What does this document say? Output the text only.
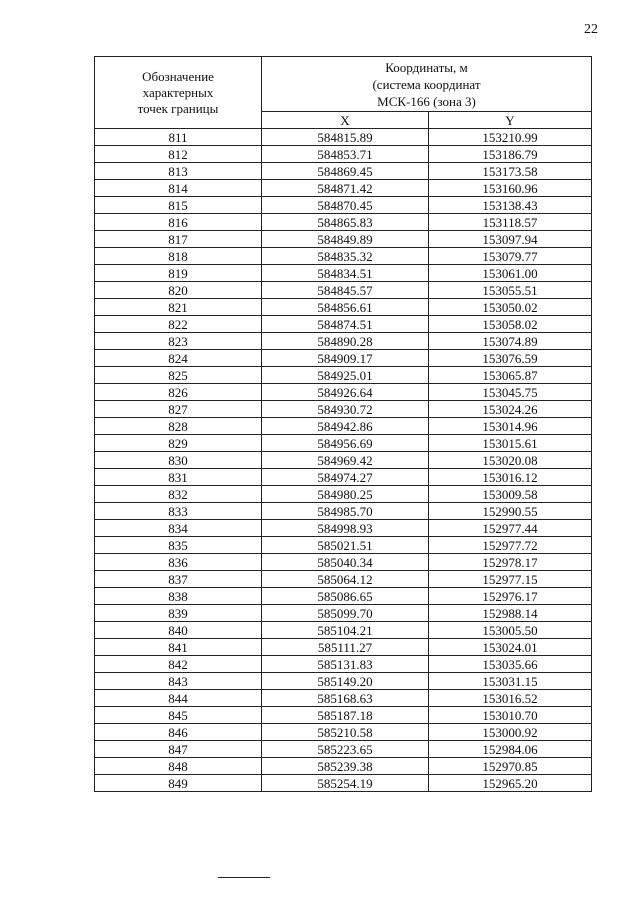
22
Обозначение
характерных
точек границы	Координаты, м
(система координат
МСК-166 (зона 3)	

	X	Y
811	584815.89	153210.99
812	584853.71	153186.79
813	584869.45	153173.58
814	584871.42	153160.96
815	584870.45	153138.43
816	584865.83	153118.57
817	584849.89	153097.94
818	584835.32	153079.77
819	584834.51	153061.00
820	584845.57	153055.51
821	584856.61	153050.02
822	584874.51	153058.02
823	584890.28	153074.89
824	584909.17	153076.59
825	584925.01	153065.87
826	584926.64	153045.75
827	584930.72	153024.26
828	584942.86	153014.96
829	584956.69	153015.61
830	584969.42	153020.08
831	584974.27	153016.12
832	584980.25	153009.58
833	584985.70	152990.55
834	584998.93	152977.44
835	585021.51	152977.72
836	585040.34	152978.17
837	585064.12	152977.15
838	585086.65	152976.17
839	585099.70	152988.14
840	585104.21	153005.50
841	585111.27	153024.01
842	585131.83	153035.66
843	585149.20	153031.15
844	585168.63	153016.52
845	585187.18	153010.70
846	585210.58	153000.92
847	585223.65	152984.06
848	585239.38	152970.85
849	585254.19	152965.20
